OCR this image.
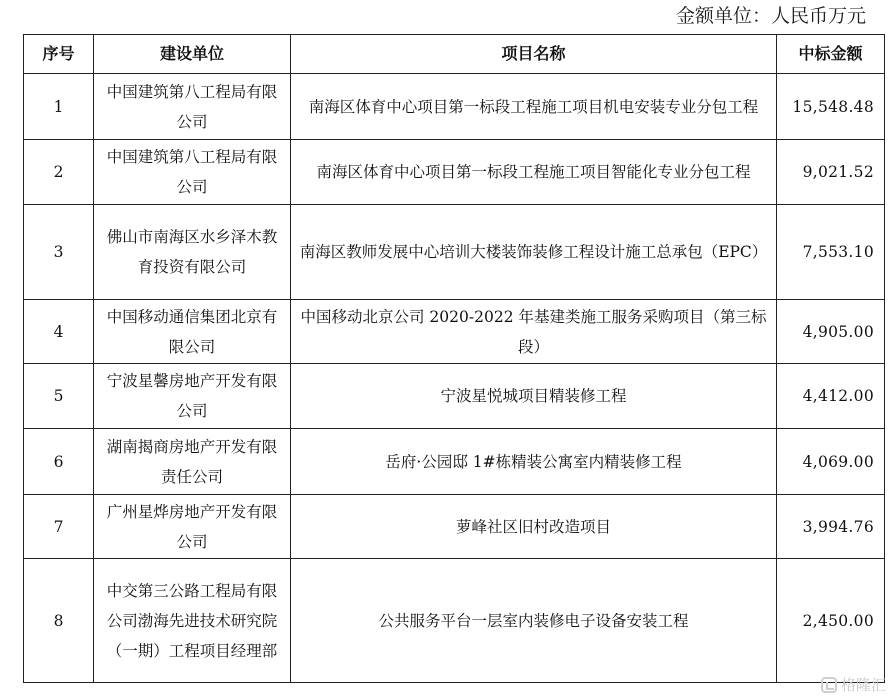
金额单位：人民币万元
序号	建设单位	项目名称	中标金额
1	中国建筑第八工程局有限公司	南海区体育中心项目第一标段工程施工项目机电安装专业分包工程	15,548.48
2	中国建筑第八工程局有限公司	南海区体育中心项目第一标段工程施工项目智能化专业分包工程	9,021.52
3	佛山市南海区水乡泽木教育投资有限公司	南海区教师发展中心培训大楼装饰装修工程设计施工总承包（EPC）	7,553.10
4	中国移动通信集团北京有限公司	中国移动北京公司 2020-2022 年基建类施工服务采购项目（第三标段）	4,905.00
5	宁波星馨房地产开发有限公司	宁波星悦城项目精装修工程	4,412.00
6	湖南揭商房地产开发有限责任公司	岳府·公园邸 1#栋精装公寓室内精装修工程	4,069.00
7	广州星烨房地产开发有限公司	萝峰社区旧村改造项目	3,994.76
8	中交第三公路工程局有限公司渤海先进技术研究院（一期）工程项目经理部	公共服务平台一层室内装修电子设备安装工程	2,450.00
格隆汇
